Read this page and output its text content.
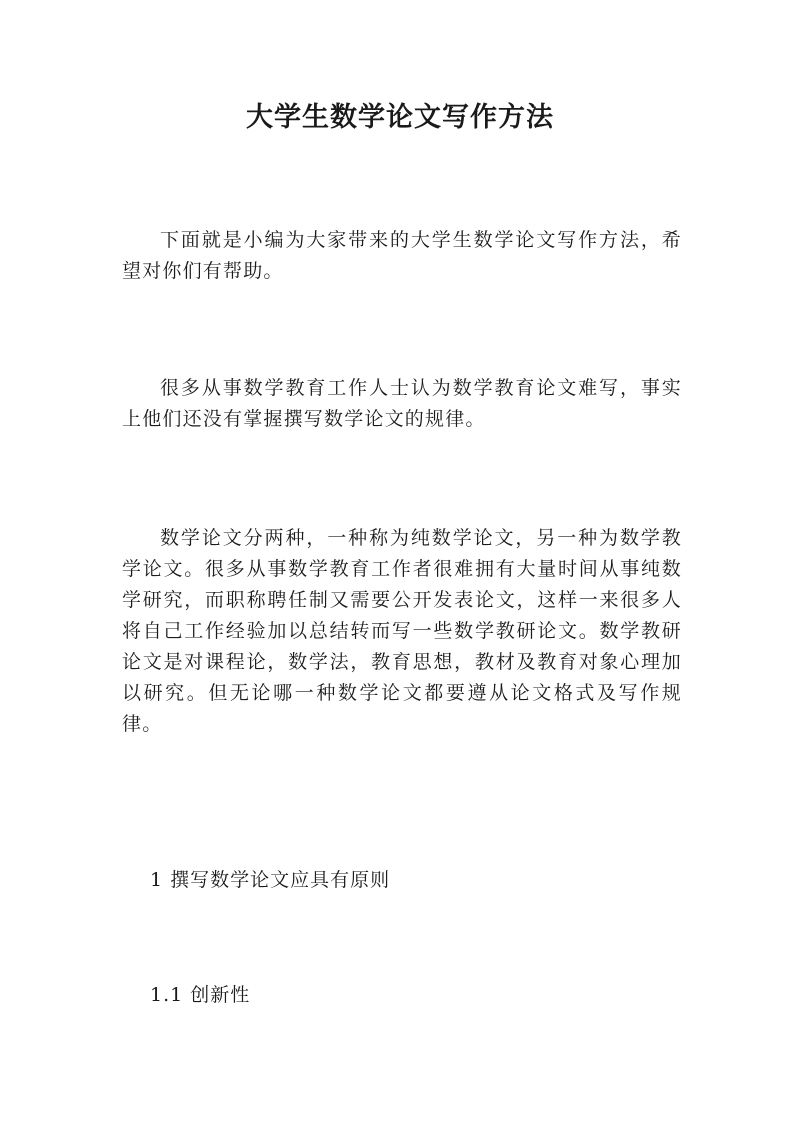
大学生数学论文写作方法

下面就是小编为大家带来的大学生数学论文写作方法，希望对你们有帮助。

很多从事数学教育工作人士认为数学教育论文难写，事实上他们还没有掌握撰写数学论文的规律。

数学论文分两种，一种称为纯数学论文，另一种为数学教学论文。很多从事数学教育工作者很难拥有大量时间从事纯数学研究，而职称聘任制又需要公开发表论文，这样一来很多人将自己工作经验加以总结转而写一些数学教研论文。数学教研论文是对课程论，数学法，教育思想，教材及教育对象心理加以研究。但无论哪一种数学论文都要遵从论文格式及写作规律。

1 撰写数学论文应具有原则
1.1 创新性
